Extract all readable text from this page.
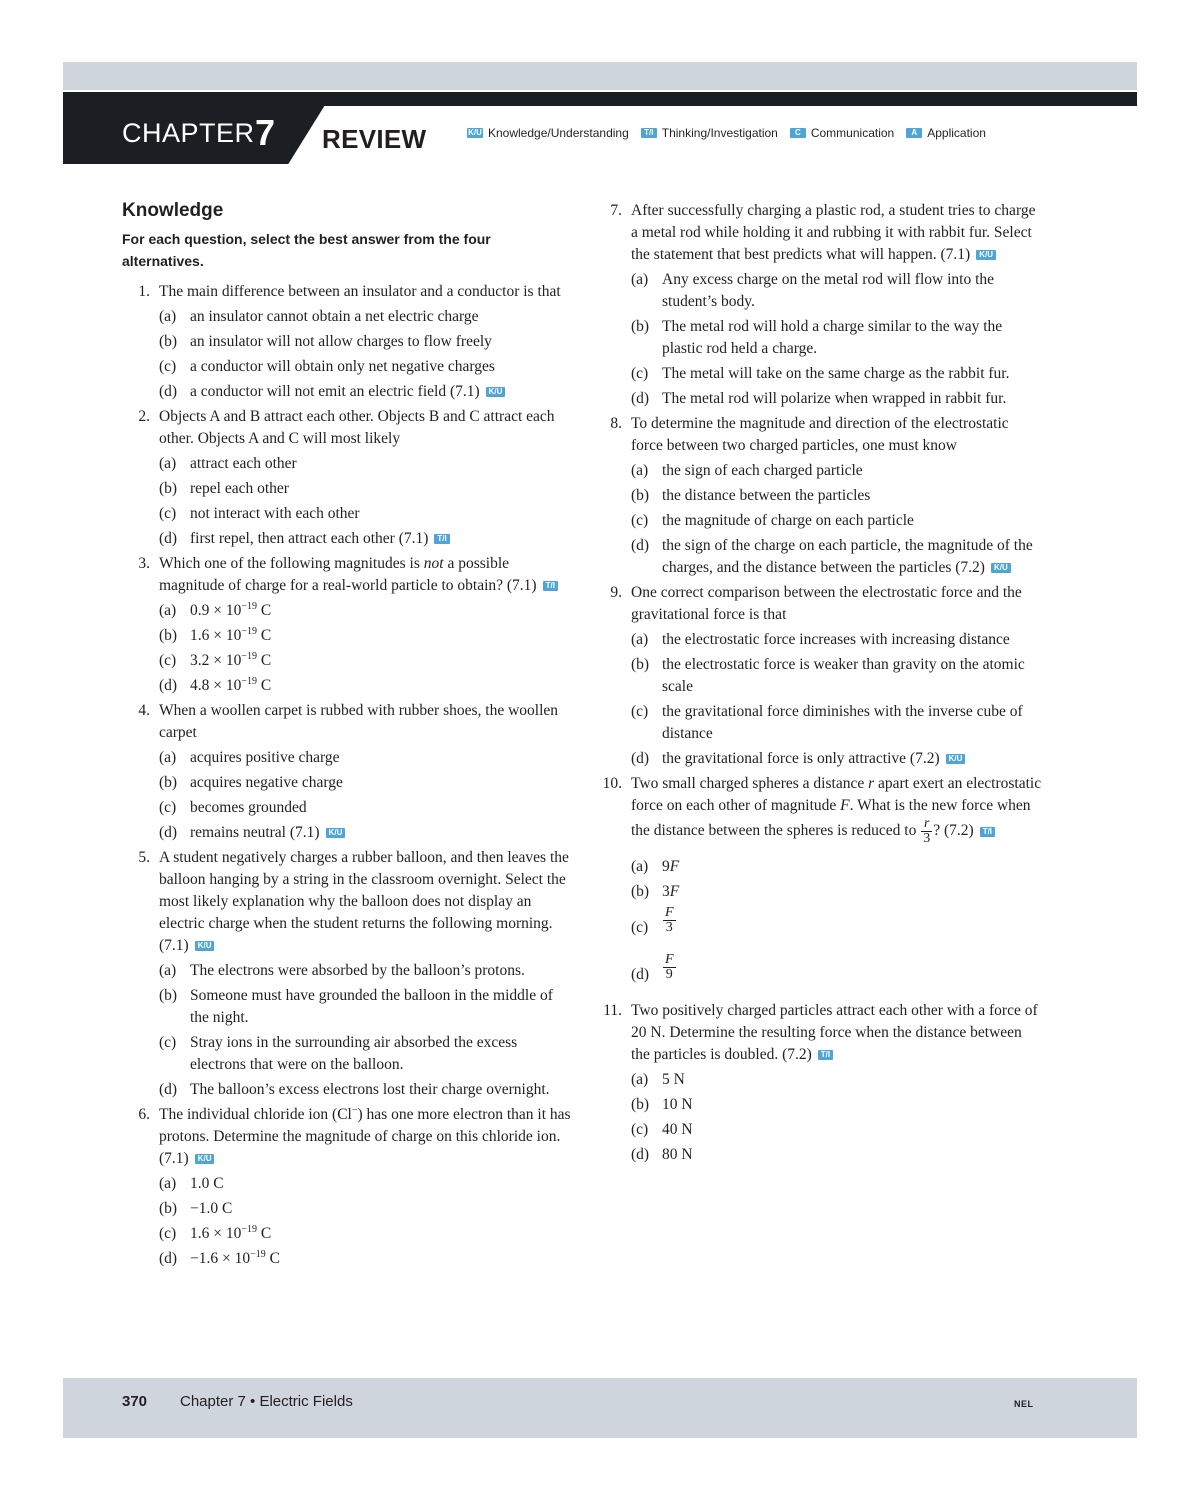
CHAPTER 7 REVIEW	K/U Knowledge/Understanding	T/I Thinking/Investigation	C Communication	A Application
Knowledge
For each question, select the best answer from the four alternatives.
1. The main difference between an insulator and a conductor is that
(a) an insulator cannot obtain a net electric charge
(b) an insulator will not allow charges to flow freely
(c) a conductor will obtain only net negative charges
(d) a conductor will not emit an electric field (7.1) K/U
2. Objects A and B attract each other. Objects B and C attract each other. Objects A and C will most likely
(a) attract each other
(b) repel each other
(c) not interact with each other
(d) first repel, then attract each other (7.1) T/I
3. Which one of the following magnitudes is not a possible magnitude of charge for a real-world particle to obtain? (7.1) T/I
(a) $0.9 \times 10^{-19}$ C
(b) $1.6 \times 10^{-19}$ C
(c) $3.2 \times 10^{-19}$ C
(d) $4.8 \times 10^{-19}$ C
4. When a woollen carpet is rubbed with rubber shoes, the woollen carpet
(a) acquires positive charge
(b) acquires negative charge
(c) becomes grounded
(d) remains neutral (7.1) K/U
5. A student negatively charges a rubber balloon, and then leaves the balloon hanging by a string in the classroom overnight. Select the most likely explanation why the balloon does not display an electric charge when the student returns the following morning. (7.1) K/U
(a) The electrons were absorbed by the balloon’s protons.
(b) Someone must have grounded the balloon in the middle of the night.
(c) Stray ions in the surrounding air absorbed the excess electrons that were on the balloon.
(d) The balloon’s excess electrons lost their charge overnight.
6. The individual chloride ion (Cl−) has one more electron than it has protons. Determine the magnitude of charge on this chloride ion. (7.1) K/U
(a) 1.0 C
(b) −1.0 C
(c) $1.6 \times 10^{-19}$ C
$(d) -1.6 \times 10^{-19}$ C
7. After successfully charging a plastic rod, a student tries to charge a metal rod while holding it and rubbing it with rabbit fur. Select the statement that best predicts what will happen. (7.1) K/U
(a) Any excess charge on the metal rod will flow into the student’s body.
(b) The metal rod will hold a charge similar to the way the plastic rod held a charge.
(c) The metal will take on the same charge as the rabbit fur.
(d) The metal rod will polarize when wrapped in rabbit fur.
8. To determine the magnitude and direction of the electrostatic force between two charged particles, one must know
(a) the sign of each charged particle
(b) the distance between the particles
(c) the magnitude of charge on each particle
(d) the sign of the charge on each particle, the magnitude of the charges, and the distance between the particles (7.2) K/U
9. One correct comparison between the electrostatic force and the gravitational force is that
(a) the electrostatic force increases with increasing distance
(b) the electrostatic force is weaker than gravity on the atomic scale
(c) the gravitational force diminishes with the inverse cube of distance
(d) the gravitational force is only attractive (7.2) K/U
10. Two small charged spheres a distance r apart exert an electrostatic force on each other of magnitude F. What is the new force when the distance between the spheres is reduced to $\frac{r}{3}$ ? (7.2) T/I
(a) 9F
(b) 3F
$(c) \frac{F}{3}$
$(d) \frac{F}{9}$
11. Two positively charged particles attract each other with a force of 20 N. Determine the resulting force when the distance between the particles is doubled. (7.2) T/I
(a) 5 N
(b) 10 N
(c) 40 N
(d) 80 N
370 Chapter 7 • Electric Fields	NEL
